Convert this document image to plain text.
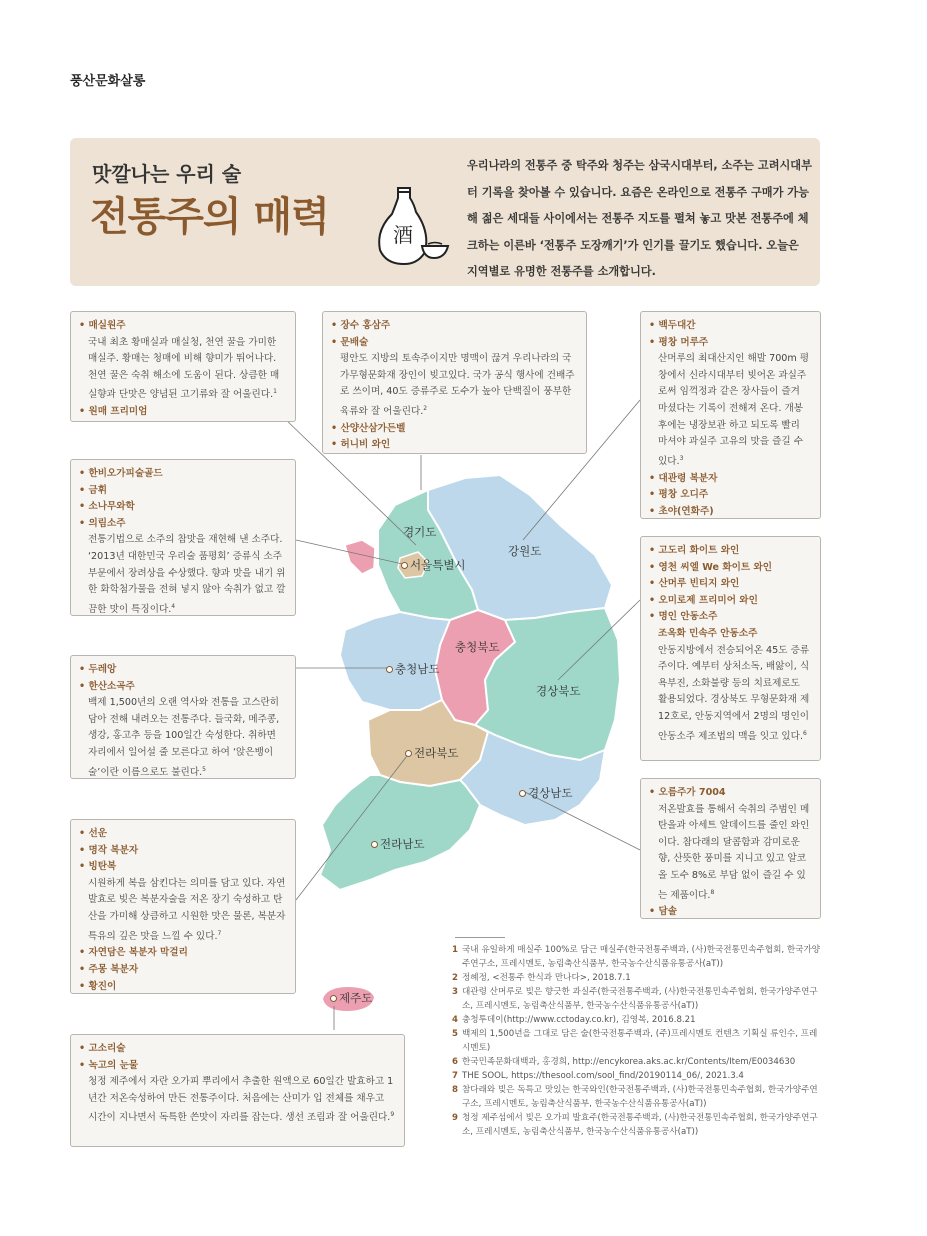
풍산문화살롱
맛깔나는 우리 술
전통주의 매력	酒
우리나라의 전통주 중 탁주와 청주는 삼국시대부터, 소주는 고려시대부터 기록을 찾아볼 수 있습니다. 요즘은 온라인으로 전통주 구매가 가능해 젊은 세대들 사이에서는 전통주 지도를 펼쳐 놓고 맛본 전통주에 체크하는 이른바 ‘전통주 도장깨기’가 인기를 끌기도 했습니다. 오늘은 지역별로 유명한 전통주를 소개합니다.
경기도
서울특별시
강원도
충청북도
충청남도
경상북도
전라북도
경상남도
전라남도
제주도
• 매실원주
국내 최초 황매실과 매실청, 천연 꿀을 가미한 매실주. 황매는 청매에 비해 향미가 뛰어나다. 천연 꿀은 숙취 해소에 도움이 된다. 상큼한 매실향과 단맛은 양념된 고기류와 잘 어울린다.$^1$
• 원매 프리미엄
• 한비오가피술골드
• 금휘
• 소나무와학
• 의림소주
전통기법으로 소주의 참맛을 재현해 낸 소주다. ‘2013년 대한민국 우리술 품평회’ 증류식 소주 부문에서 장려상을 수상했다. 향과 맛을 내기 위한 화학첨가물을 전혀 넣지 않아 숙취가 없고 깔끔한 맛이 특징이다.$^4$
• 장수 홍삼주
• 문배술
평안도 지방의 토속주이지만 명맥이 끊겨 우리나라의 국가무형문화재 장인이 빚고있다. 국가 공식 행사에 건배주로 쓰이며, 40도 증류주로 도수가 높아 단백질이 풍부한 육류와 잘 어울린다.$^2$
• 산양산삼가든벨
• 허니비 와인
• 백두대간
• 평창 머루주
산머루의 최대산지인 해발 700m 평창에서 신라시대부터 빚어온 과실주로써 임꺽정과 같은 장사들이 즐겨 마셨다는 기록이 전해져 온다. 개봉 후에는 냉장보관 하고 되도록 빨리 마셔야 과실주 고유의 맛을 즐길 수 있다.$^3$
• 대관령 복분자
• 평창 오디주
• 초야(연화주)
• 두레앙
• 한산소곡주
백제 1,500년의 오랜 역사와 전통을 고스란히 담아 전해 내려오는 전통주다. 들국화, 메주콩, 생강, 홍고추 등을 100일간 숙성한다. 취하면 자리에서 일어설 줄 모른다고 하여 ‘앉은뱅이 술’이란 이름으로도 불린다.$^5$
• 고도리 화이트 와인
• 영천 씨엘 We 화이트 와인
• 산머루 빈티지 와인
• 오미로제 프리미어 와인
• 명인 안동소주
조옥화 민속주 안동소주
안동지방에서 전승되어온 45도 증류주이다. 예부터 상처소독, 배앓이, 식욕부진, 소화불량 등의 치료제로도 활용되었다. 경상북도 무형문화재 제12호로, 안동지역에서 2명의 명인이 안동소주 제조법의 맥을 잇고 있다.$^6$
• 선운
• 명작 복분자
• 빙탄복
시원하게 복을 삼킨다는 의미를 담고 있다. 자연 발효로 빚은 복분자술을 저온 장기 숙성하고 탄산을 가미해 상큼하고 시원한 맛은 물론, 복분자 특유의 깊은 맛을 느낄 수 있다.$^7$
• 자연담은 복분자 막걸리
• 주몽 복분자
• 황진이
• 오름주가 7004
저온발효를 통해서 숙취의 주범인 메탄올과 아세트 알데이드를 줄인 와인이다. 참다래의 달콤함과 감미로운 향, 산뜻한 풍미를 지니고 있고 알코올 도수 8%로 부담 없이 즐길 수 있는 제품이다.$^8$
• 담솔
• 고소리술
• 녹고의 눈물
청정 제주에서 자란 오가피 뿌리에서 추출한 원액으로 60일간 발효하고 1년간 저온숙성하여 만든 전통주이다. 처음에는 산미가 입 전체를 채우고 시간이 지나면서 독특한 쓴맛이 자리를 잡는다. 생선 조림과 잘 어울린다.$^9$
1 국내 유일하게 매실주 100%로 담근 매실주(한국전통주백과, (사)한국전통민속주협회, 한국가양주연구소, 프레시멘토, 농림축산식품부, 한국농수산식품유통공사(aT))
2 정혜정, <전통주 한식과 만나다>, 2018.7.1
3 대관령 산머루로 빚은 향긋한 과실주(한국전통주백과, (사)한국전통민속주협회, 한국가양주연구소, 프레시멘토, 농림축산식품부, 한국농수산식품유통공사(aT))
4 충청투데이(http://www.cctoday.co.kr), 김영복, 2016.8.21
5 백제의 1,500년을 그대로 담은 술(한국전통주백과, (주)프레시멘토 컨텐츠 기획실 류인수, 프레시멘토)
6 한국민족문화대백과, 홍경희, http://encykorea.aks.ac.kr/Contents/Item/E0034630
7 THE SOOL, https://thesool.com/sool_find/20190114_06/, 2021.3.4
8 참다래와 빚은 독특고 맛있는 한국와인(한국전통주백과, (사)한국전통민속주협회, 한국가양주연구소, 프레시멘토, 농림축산식품부, 한국농수산식품유통공사(aT))
9 청정 제주섬에서 빚은 오가피 발효주(한국전통주백과, (사)한국전통민속주협회, 한국가양주연구소, 프레시멘토, 농림축산식품부, 한국농수산식품유통공사(aT))
